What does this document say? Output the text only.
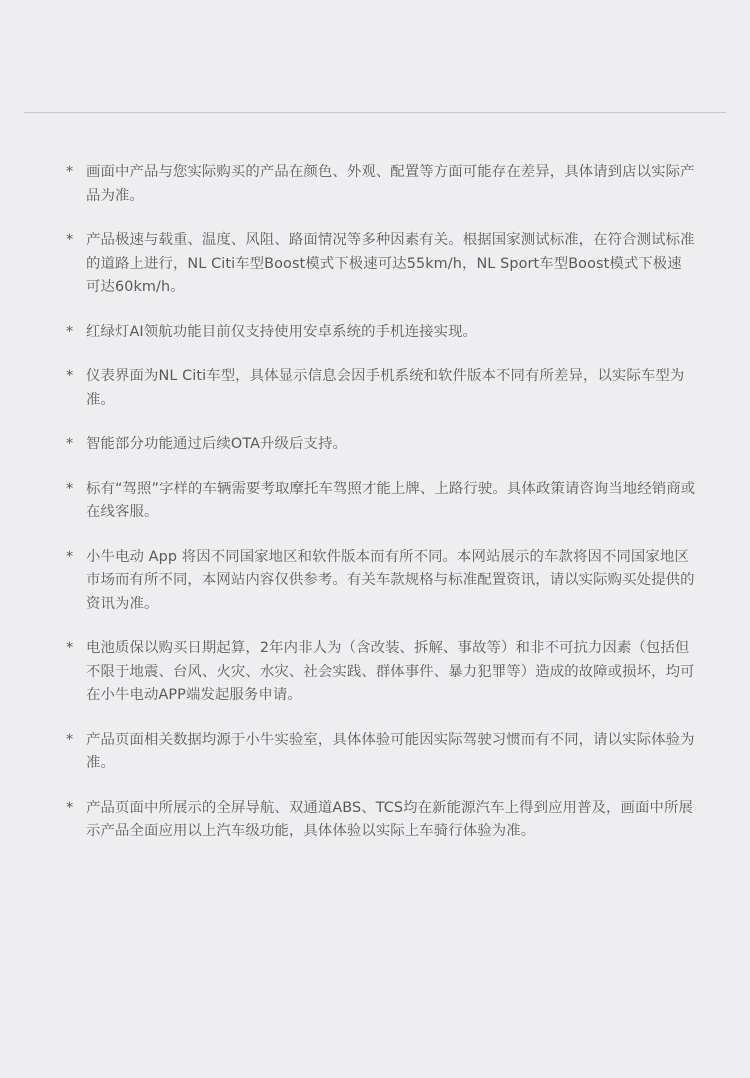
* 画面中产品与您实际购买的产品在颜色、外观、配置等方面可能存在差异，具体请到店以实际产品为准。
* 产品极速与载重、温度、风阻、路面情况等多种因素有关。根据国家测试标准，在符合测试标准的道路上进行，NL Citi车型Boost模式下极速可达55km/h，NL Sport车型Boost模式下极速可达60km/h。
* 红绿灯AI领航功能目前仅支持使用安卓系统的手机连接实现。
* 仪表界面为NL Citi车型，具体显示信息会因手机系统和软件版本不同有所差异，以实际车型为准。
* 智能部分功能通过后续OTA升级后支持。
* 标有“驾照”字样的车辆需要考取摩托车驾照才能上牌、上路行驶。具体政策请咨询当地经销商或在线客服。
* 小牛电动 App 将因不同国家地区和软件版本而有所不同。本网站展示的车款将因不同国家地区市场而有所不同，本网站内容仅供参考。有关车款规格与标准配置资讯，请以实际购买处提供的资讯为准。
* 电池质保以购买日期起算，2年内非人为（含改装、拆解、事故等）和非不可抗力因素（包括但不限于地震、台风、火灾、水灾、社会实践、群体事件、暴力犯罪等）造成的故障或损坏，均可在小牛电动APP端发起服务申请。
* 产品页面相关数据均源于小牛实验室，具体体验可能因实际驾驶习惯而有不同，请以实际体验为准。
* 产品页面中所展示的全屏导航、双通道ABS、TCS均在新能源汽车上得到应用普及，画面中所展示产品全面应用以上汽车级功能，具体体验以实际上车骑行体验为准。
